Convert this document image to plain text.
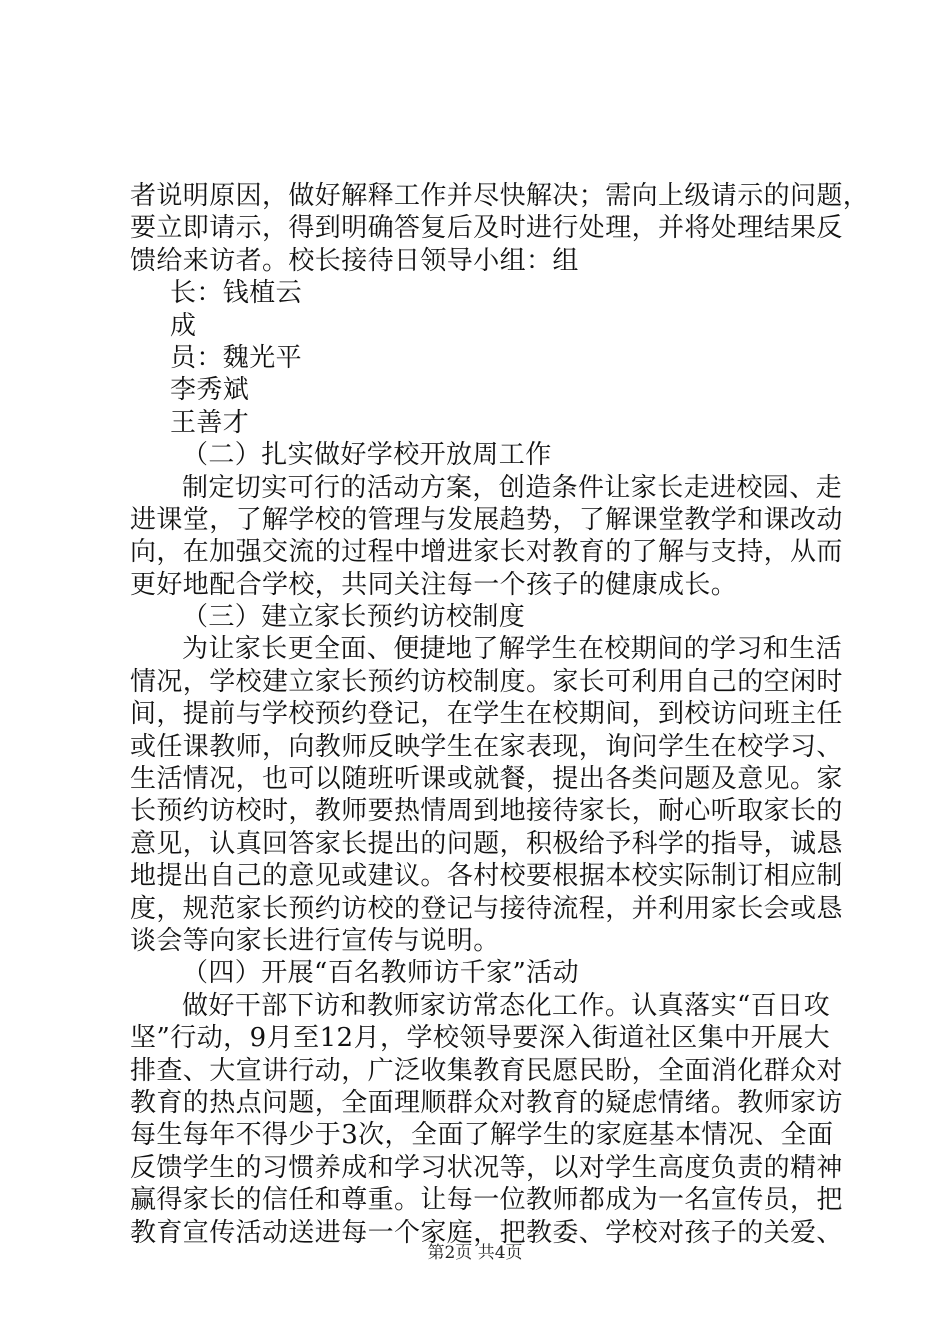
者说明原因，做好解释工作并尽快解决；需向上级请示的问题，
要立即请示，得到明确答复后及时进行处理，并将处理结果反
馈给来访者。校长接待日领导小组：组
长：钱植云
成
员：魏光平
李秀斌
王善才
（二）扎实做好学校开放周工作
制定切实可行的活动方案，创造条件让家长走进校园、走
进课堂，了解学校的管理与发展趋势，了解课堂教学和课改动
向，在加强交流的过程中增进家长对教育的了解与支持，从而
更好地配合学校，共同关注每一个孩子的健康成长。
（三）建立家长预约访校制度
为让家长更全面、便捷地了解学生在校期间的学习和生活
情况，学校建立家长预约访校制度。家长可利用自己的空闲时
间，提前与学校预约登记，在学生在校期间，到校访问班主任
或任课教师，向教师反映学生在家表现，询问学生在校学习、
生活情况，也可以随班听课或就餐，提出各类问题及意见。家
长预约访校时，教师要热情周到地接待家长，耐心听取家长的
意见，认真回答家长提出的问题，积极给予科学的指导，诚恳
地提出自己的意见或建议。各村校要根据本校实际制订相应制
度，规范家长预约访校的登记与接待流程，并利用家长会或恳
谈会等向家长进行宣传与说明。
（四）开展“百名教师访千家”活动
做好干部下访和教师家访常态化工作。认真落实“百日攻
坚”行动，9月至12月，学校领导要深入街道社区集中开展大
排查、大宣讲行动，广泛收集教育民愿民盼，全面消化群众对
教育的热点问题，全面理顺群众对教育的疑虑情绪。教师家访
每生每年不得少于3次，全面了解学生的家庭基本情况、全面
反馈学生的习惯养成和学习状况等，以对学生高度负责的精神
赢得家长的信任和尊重。让每一位教师都成为一名宣传员，把
教育宣传活动送进每一个家庭，把教委、学校对孩子的关爱、
第2页 共4页
